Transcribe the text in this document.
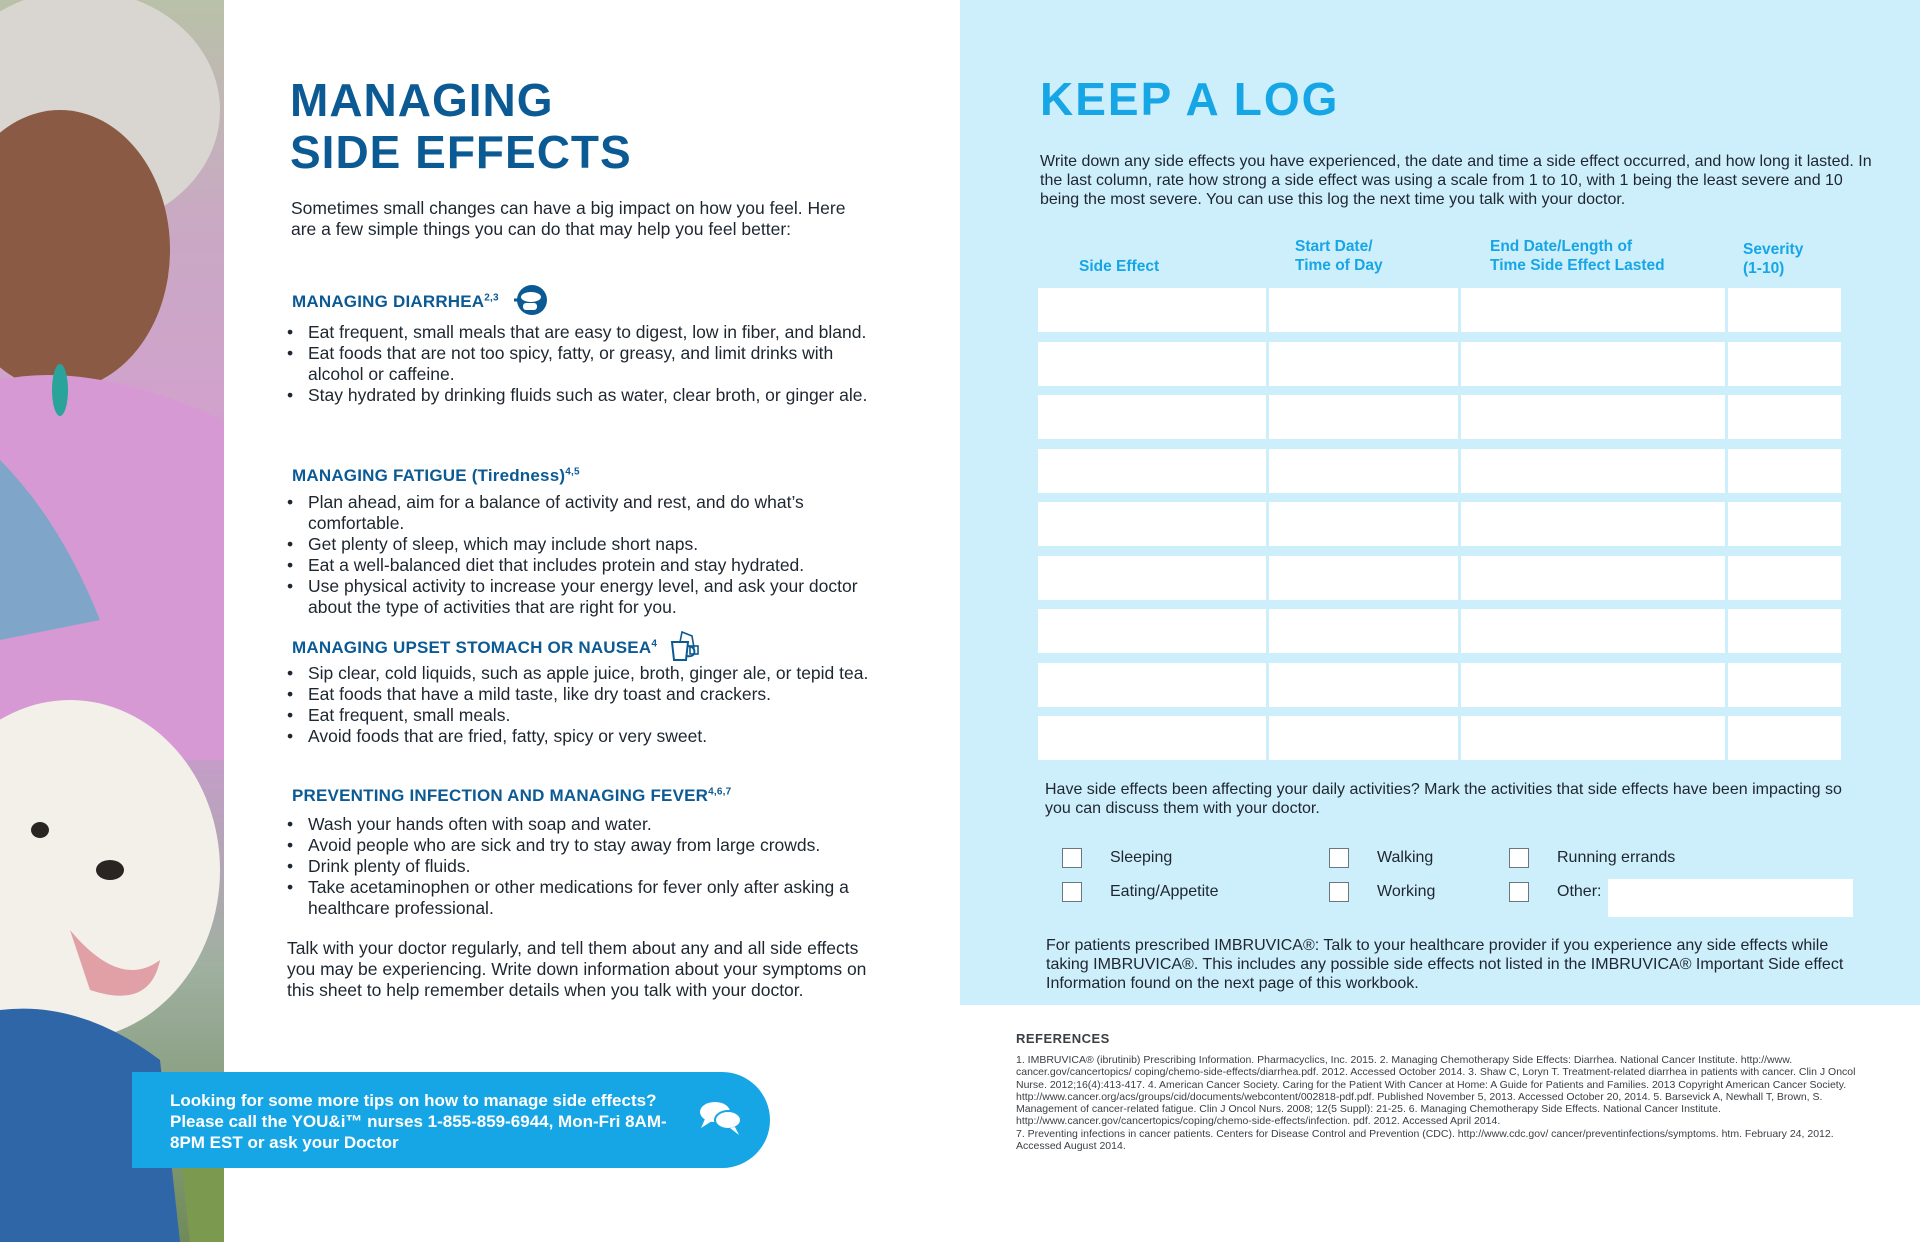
MANAGING
SIDE EFFECTS
Sometimes small changes can have a big impact on how you feel. Here are a few simple things you can do that may help you feel better:
MANAGING DIARRHEA$^{2,3}$
• Eat frequent, small meals that are easy to digest, low in fiber, and bland.
• Eat foods that are not too spicy, fatty, or greasy, and limit drinks with alcohol or caffeine.
• Stay hydrated by drinking fluids such as water, clear broth, or ginger ale.
MANAGING FATIGUE (Tiredness)$^{4,5}$
• Plan ahead, aim for a balance of activity and rest, and do what’s comfortable.
• Get plenty of sleep, which may include short naps.
• Eat a well-balanced diet that includes protein and stay hydrated.
• Use physical activity to increase your energy level, and ask your doctor about the type of activities that are right for you.
MANAGING UPSET STOMACH OR NAUSEA$^4$
• Sip clear, cold liquids, such as apple juice, broth, ginger ale, or tepid tea.
• Eat foods that have a mild taste, like dry toast and crackers.
• Eat frequent, small meals.
• Avoid foods that are fried, fatty, spicy or very sweet.
PREVENTING INFECTION AND MANAGING FEVER$^{4,6,7}$
• Wash your hands often with soap and water.
• Avoid people who are sick and try to stay away from large crowds.
• Drink plenty of fluids.
• Take acetaminophen or other medications for fever only after asking a healthcare professional.
Talk with your doctor regularly, and tell them about any and all side effects you may be experiencing. Write down information about your symptoms on this sheet to help remember details when you talk with your doctor.
Looking for some more tips on how to manage side effects? Please call the YOU&i™ nurses 1-855-859-6944, Mon-Fri 8AM-8PM EST or ask your Doctor
KEEP A LOG
Write down any side effects you have experienced, the date and time a side effect occurred, and how long it lasted. In the last column, rate how strong a side effect was using a scale from 1 to 10, with 1 being the least severe and 10 being the most severe. You can use this log the next time you talk with your doctor.
Side Effect
Start Date/
Time of Day
End Date/Length of
Time Side Effect Lasted
Severity
(1-10)
Have side effects been affecting your daily activities? Mark the activities that side effects have been impacting so you can discuss them with your doctor.
Sleeping
Eating/Appetite
Walking
Working
Running errands
Other:
For patients prescribed IMBRUVICA®: Talk to your healthcare provider if you experience any side effects while taking IMBRUVICA®. This includes any possible side effects not listed in the IMBRUVICA® Important Side effect Information found on the next page of this workbook.
REFERENCES
1. IMBRUVICA® (ibrutinib) Prescribing Information. Pharmacyclics, Inc. 2015. 2. Managing Chemotherapy Side Effects: Diarrhea. National Cancer Institute. http://www. cancer.gov/cancertopics/ coping/chemo-side-effects/diarrhea.pdf. 2012. Accessed October 2014. 3. Shaw C, Loryn T. Treatment-related diarrhea in patients with cancer. Clin J Oncol Nurse. 2012;16(4):413-417. 4. American Cancer Society. Caring for the Patient With Cancer at Home: A Guide for Patients and Families. 2013 Copyright American Cancer Society. http://www.cancer.org/acs/groups/cid/documents/webcontent/002818-pdf.pdf. Published November 5, 2013. Accessed October 20, 2014. 5. Barsevick A, Newhall T, Brown, S. Management of cancer-related fatigue. Clin J Oncol Nurs. 2008; 12(5 Suppl): 21-25. 6. Managing Chemotherapy Side Effects. National Cancer Institute. http://www.cancer.gov/cancertopics/coping/chemo-side-effects/infection. pdf. 2012. Accessed April 2014.
7. Preventing infections in cancer patients. Centers for Disease Control and Prevention (CDC). http://www.cdc.gov/ cancer/preventinfections/symptoms. htm. February 24, 2012. Accessed August 2014.
